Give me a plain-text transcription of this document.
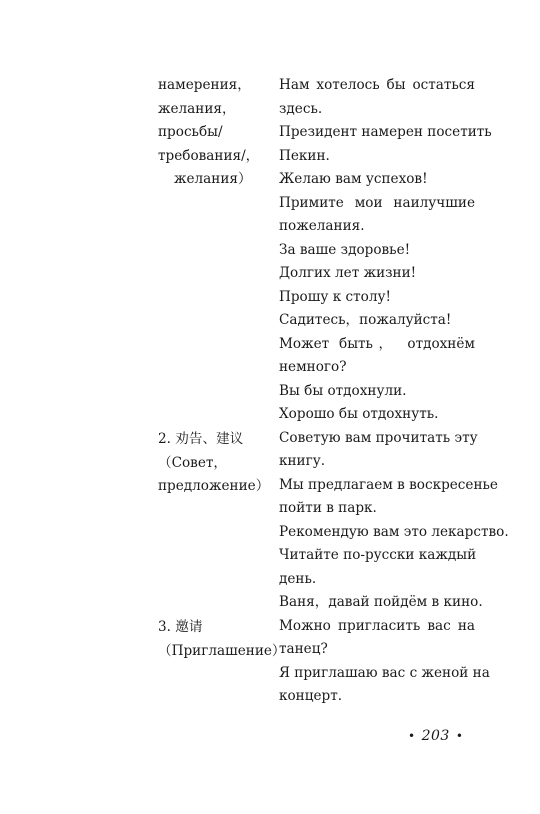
намерения，
желания，
просьбы/
требования/，
желания）
2. 劝告、建议
（Совет，
предложение）
3. 邀请
（Приглашение）
Нам хотелось бы остаться
здесь.
Президент намерен посетить
Пекин.
Желаю вам успехов!
Примите мои наилучшие
пожелания.
За ваше здоровье!
Долгих лет жизни!
Прошу к столу!
Садитесь，пожалуйста!
Может быть， отдохнём
немного?
Вы бы отдохнули.
Хорошо бы отдохнуть.
Советую вам прочитать эту
книгу.
Мы предлагаем в воскресенье
пойти в парк.
Рекомендую вам это лекарство.
Читайте по-русски каждый
день.
Ваня，давай пойдём в кино.
Можно пригласить вас на
танец?
Я приглашаю вас с женой на
концерт.
• 203 •
